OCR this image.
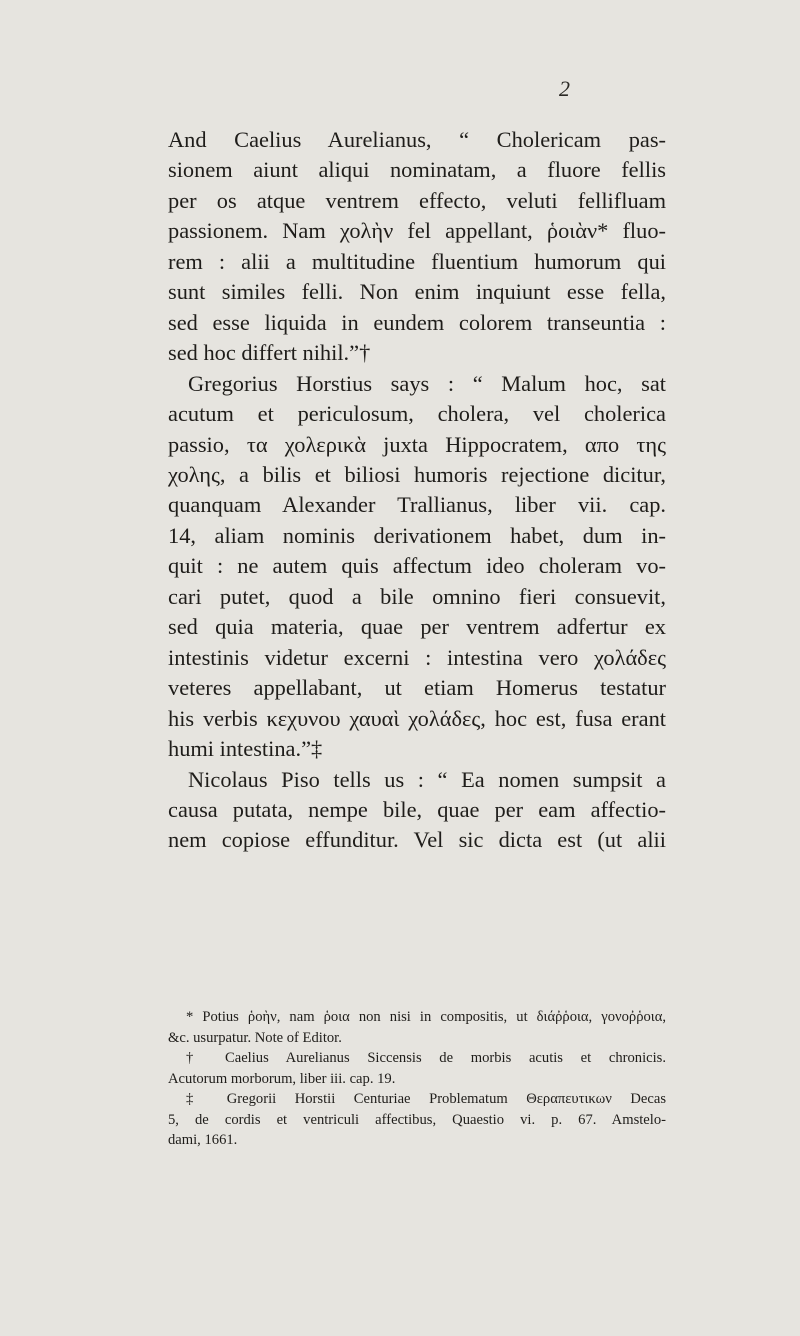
2
And Caelius Aurelianus, “ Cholericam pas-
sionem aiunt aliqui nominatam, a fluore fellis
per os atque ventrem effecto, veluti fellifluam
passionem. Nam χολὴν fel appellant, ῥοιὰν* fluo-
rem : alii a multitudine fluentium humorum qui
sunt similes felli. Non enim inquiunt esse fella,
sed esse liquida in eundem colorem transeuntia :
sed hoc differt nihil.”†
Gregorius Horstius says : “ Malum hoc, sat
acutum et periculosum, cholera, vel cholerica
passio, τα χολερικὰ juxta Hippocratem, απο της
χολης, a bilis et biliosi humoris rejectione dicitur,
quanquam Alexander Trallianus, liber vii. cap.
14, aliam nominis derivationem habet, dum in-
quit : ne autem quis affectum ideo choleram vo-
cari putet, quod a bile omnino fieri consuevit,
sed quia materia, quae per ventrem adfertur ex
intestinis videtur excerni : intestina vero χολάδες
veteres appellabant, ut etiam Homerus testatur
his verbis κεχυνου χαυαὶ χολάδες, hoc est, fusa erant
humi intestina.”‡
Nicolaus Piso tells us : “ Ea nomen sumpsit a
causa putata, nempe bile, quae per eam affectio-
nem copiose effunditur. Vel sic dicta est (ut alii
* Potius ῥοὴν, nam ῥοια non nisi in compositis, ut διάῤῥοια, γονοῤῥοια,
&c. usurpatur. Note of Editor.
† Caelius Aurelianus Siccensis de morbis acutis et chronicis.
Acutorum morborum, liber iii. cap. 19.
‡ Gregorii Horstii Centuriae Problematum Θεραπευτικων Decas
5, de cordis et ventriculi affectibus, Quaestio vi. p. 67. Amstelo-
dami, 1661.
